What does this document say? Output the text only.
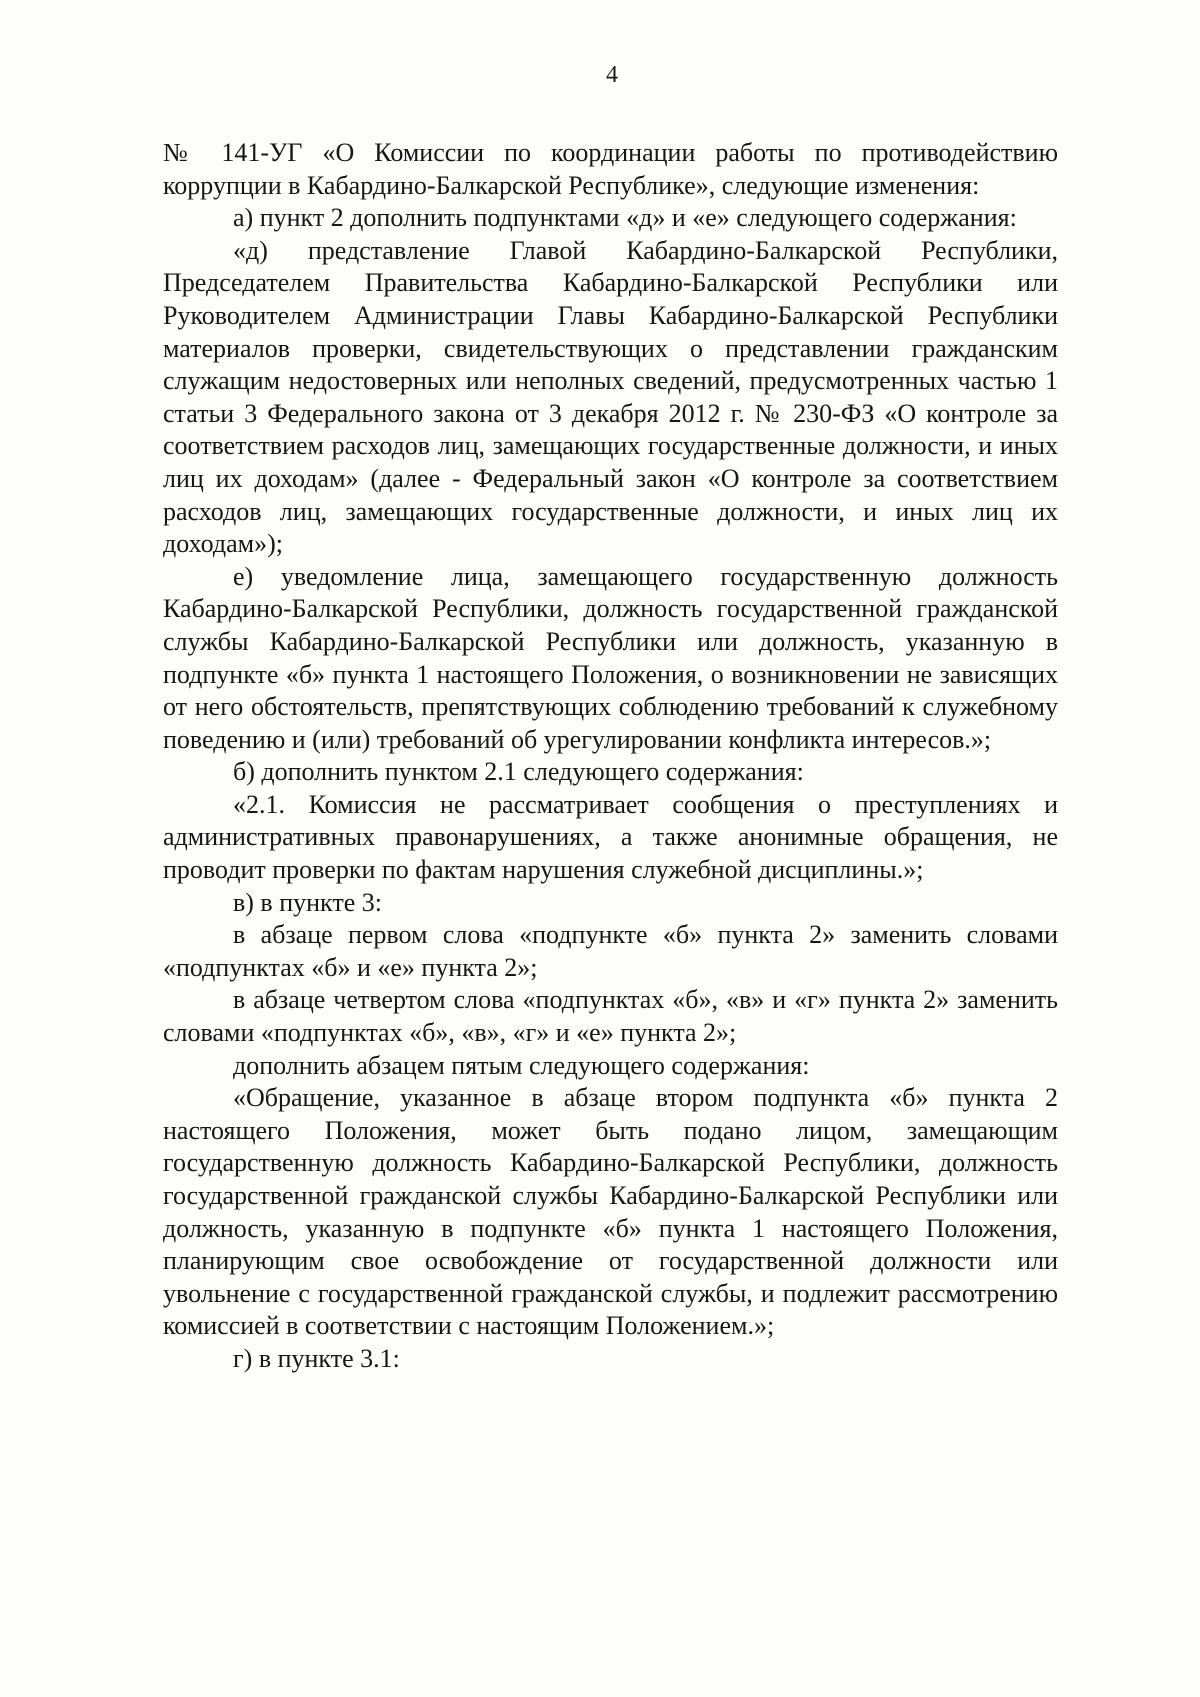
4

№ 141-УГ «О Комиссии по координации работы по противодействию коррупции в Кабардино-Балкарской Республике», следующие изменения:

а) пункт 2 дополнить подпунктами «д» и «е» следующего содержания:

«д) представление Главой Кабардино-Балкарской Республики, Председателем Правительства Кабардино-Балкарской Республики или Руководителем Администрации Главы Кабардино-Балкарской Республики материалов проверки, свидетельствующих о представлении гражданским служащим недостоверных или неполных сведений, предусмотренных частью 1 статьи 3 Федерального закона от 3 декабря 2012 г. № 230-ФЗ «О контроле за соответствием расходов лиц, замещающих государственные должности, и иных лиц их доходам» (далее - Федеральный закон «О контроле за соответствием расходов лиц, замещающих государственные должности, и иных лиц их доходам»);

е) уведомление лица, замещающего государственную должность Кабардино-Балкарской Республики, должность государственной гражданской службы Кабардино-Балкарской Республики или должность, указанную в подпункте «б» пункта 1 настоящего Положения, о возникновении не зависящих от него обстоятельств, препятствующих соблюдению требований к служебному поведению и (или) требований об урегулировании конфликта интересов.»;

б) дополнить пунктом 2.1 следующего содержания:

«2.1. Комиссия не рассматривает сообщения о преступлениях и административных правонарушениях, а также анонимные обращения, не проводит проверки по фактам нарушения служебной дисциплины.»;

в) в пункте 3:

в абзаце первом слова «подпункте «б» пункта 2» заменить словами «подпунктах «б» и «е» пункта 2»;

в абзаце четвертом слова «подпунктах «б», «в» и «г» пункта 2» заменить словами «подпунктах «б», «в», «г» и «е» пункта 2»;

дополнить абзацем пятым следующего содержания:

«Обращение, указанное в абзаце втором подпункта «б» пункта 2 настоящего Положения, может быть подано лицом, замещающим государственную должность Кабардино-Балкарской Республики, должность государственной гражданской службы Кабардино-Балкарской Республики или должность, указанную в подпункте «б» пункта 1 настоящего Положения, планирующим свое освобождение от государственной должности или увольнение с государственной гражданской службы, и подлежит рассмотрению комиссией в соответствии с настоящим Положением.»;

г) в пункте 3.1:
